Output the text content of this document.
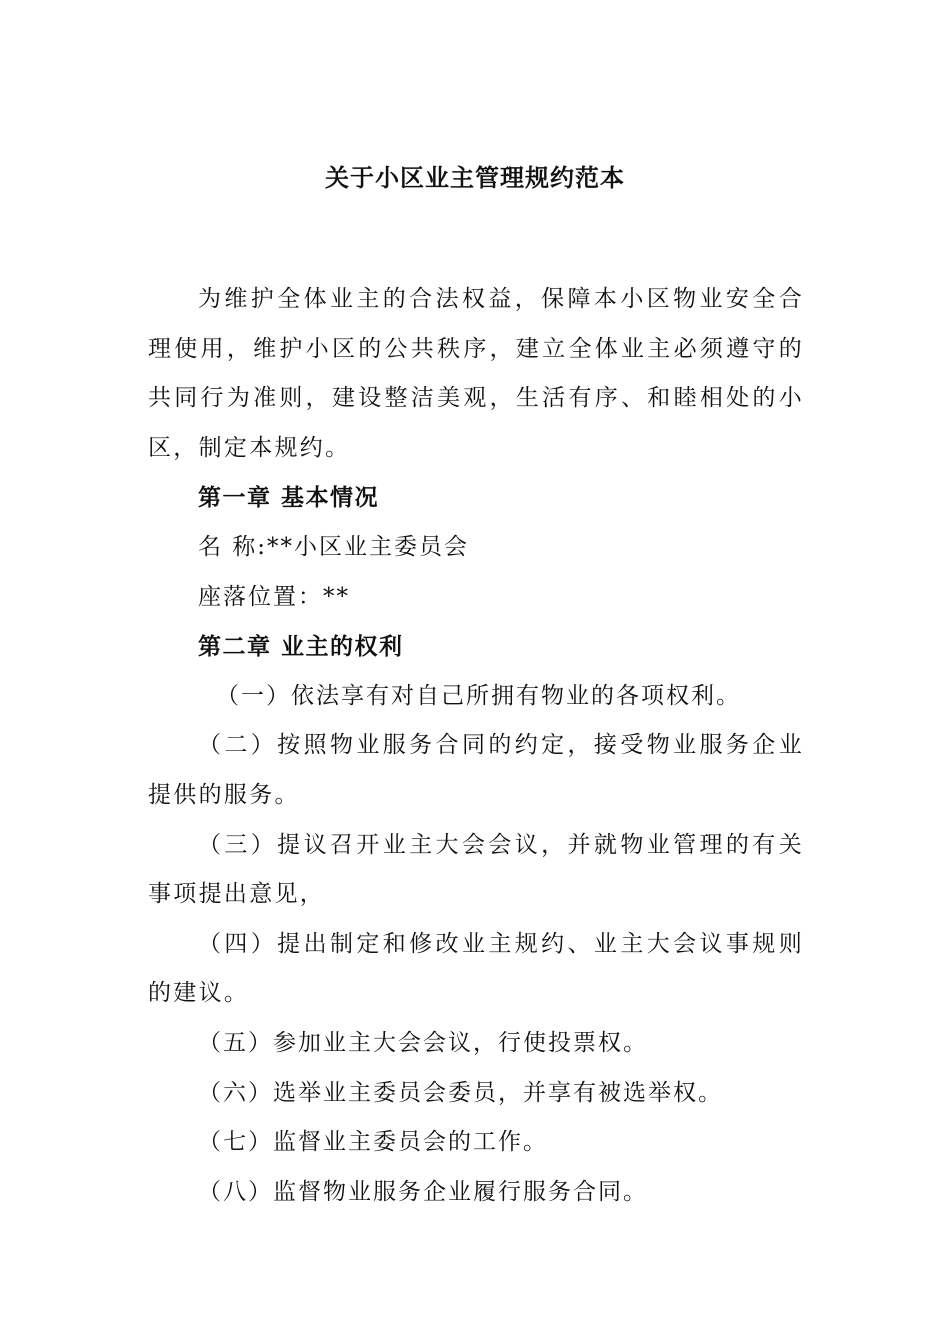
关于小区业主管理规约范本

为维护全体业主的合法权益，保障本小区物业安全合理使用，维护小区的公共秩序，建立全体业主必须遵守的共同行为准则，建设整洁美观，生活有序、和睦相处的小区，制定本规约。

第一章 基本情况

名 称:**小区业主委员会

座落位置：**

第二章 业主的权利

（一）依法享有对自己所拥有物业的各项权利。

（二）按照物业服务合同的约定，接受物业服务企业提供的服务。

（三）提议召开业主大会会议，并就物业管理的有关事项提出意见，

（四）提出制定和修改业主规约、业主大会议事规则的建议。

（五）参加业主大会会议，行使投票权。

（六）选举业主委员会委员，并享有被选举权。

（七）监督业主委员会的工作。

（八）监督物业服务企业履行服务合同。
